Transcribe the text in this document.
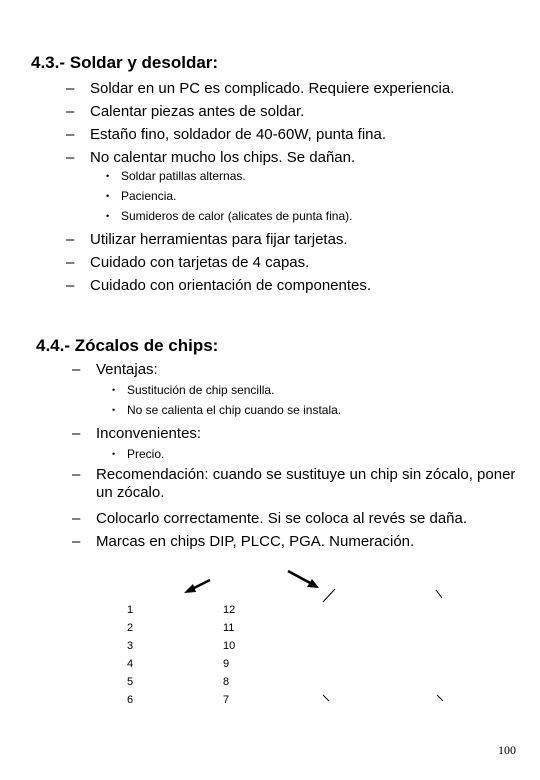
4.3.- Soldar y desoldar:
– Soldar en un PC es complicado. Requiere experiencia.
– Calentar piezas antes de soldar.
– Estaño fino, soldador de 40-60W, punta fina.
– No calentar mucho los chips. Se dañan.
• Soldar patillas alternas.
• Paciencia.
• Sumideros de calor (alicates de punta fina).
– Utilizar herramientas para fijar tarjetas.
– Cuidado con tarjetas de 4 capas.
– Cuidado con orientación de componentes.
4.4.- Zócalos de chips:
– Ventajas:
• Sustitución de chip sencilla.
• No se calienta el chip cuando se instala.
– Inconvenientes:
• Precio.
– Recomendación: cuando se sustituye un chip sin zócalo, poner un zócalo.
– Colocarlo correctamente. Si se coloca al revés se daña.
– Marcas en chips DIP, PLCC, PGA. Numeración.
1
2
3
4
5
6
12
11
10
9
8
7
100
